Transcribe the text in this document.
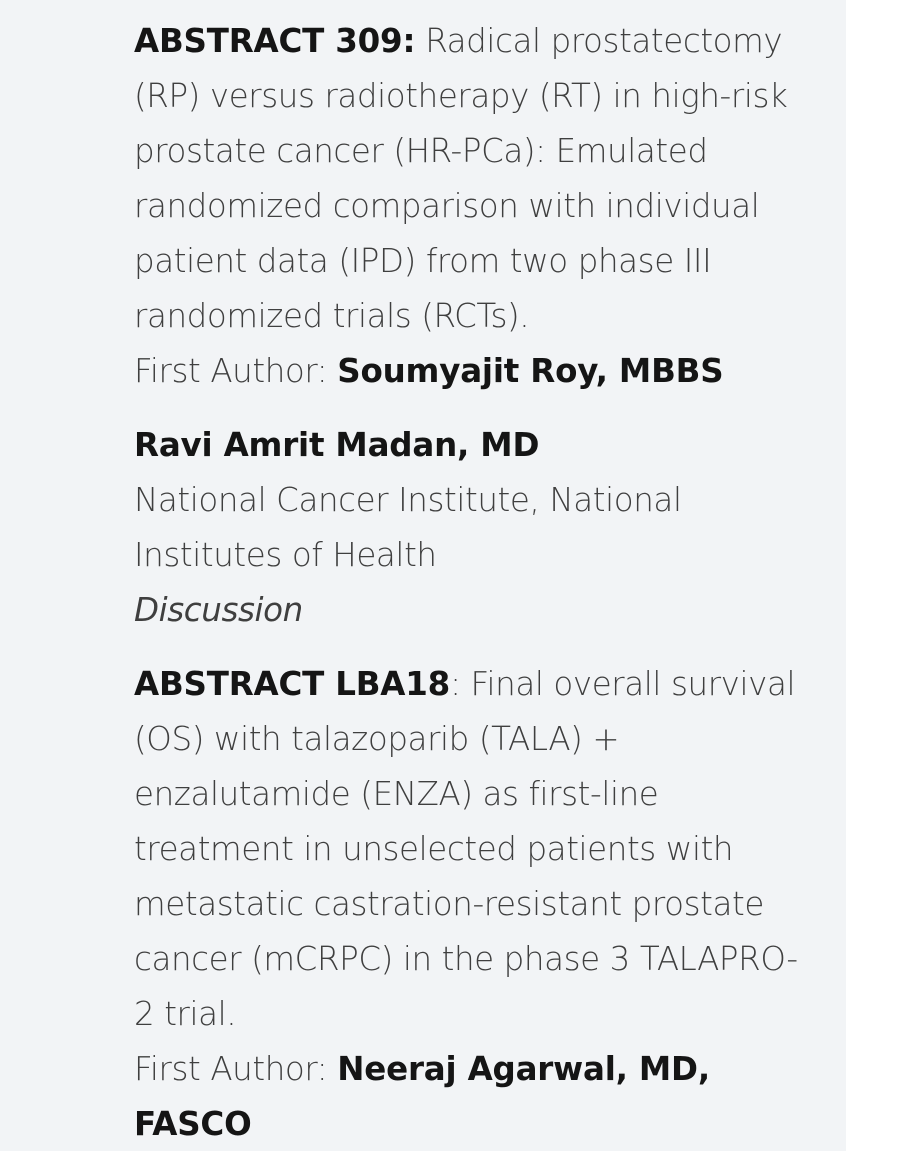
ABSTRACT 309: Radical prostatectomy (RP) versus radiotherapy (RT) in high-risk prostate cancer (HR-PCa): Emulated randomized comparison with individual patient data (IPD) from two phase III randomized trials (RCTs).

First Author: Soumyajit Roy, MBBS

Ravi Amrit Madan, MD

National Cancer Institute, National Institutes of Health

Discussion

ABSTRACT LBA18: Final overall survival (OS) with talazoparib (TALA) + enzalutamide (ENZA) as first-line treatment in unselected patients with metastatic castration-resistant prostate cancer (mCRPC) in the phase 3 TALAPRO-2 trial.

First Author: Neeraj Agarwal, MD, FASCO
